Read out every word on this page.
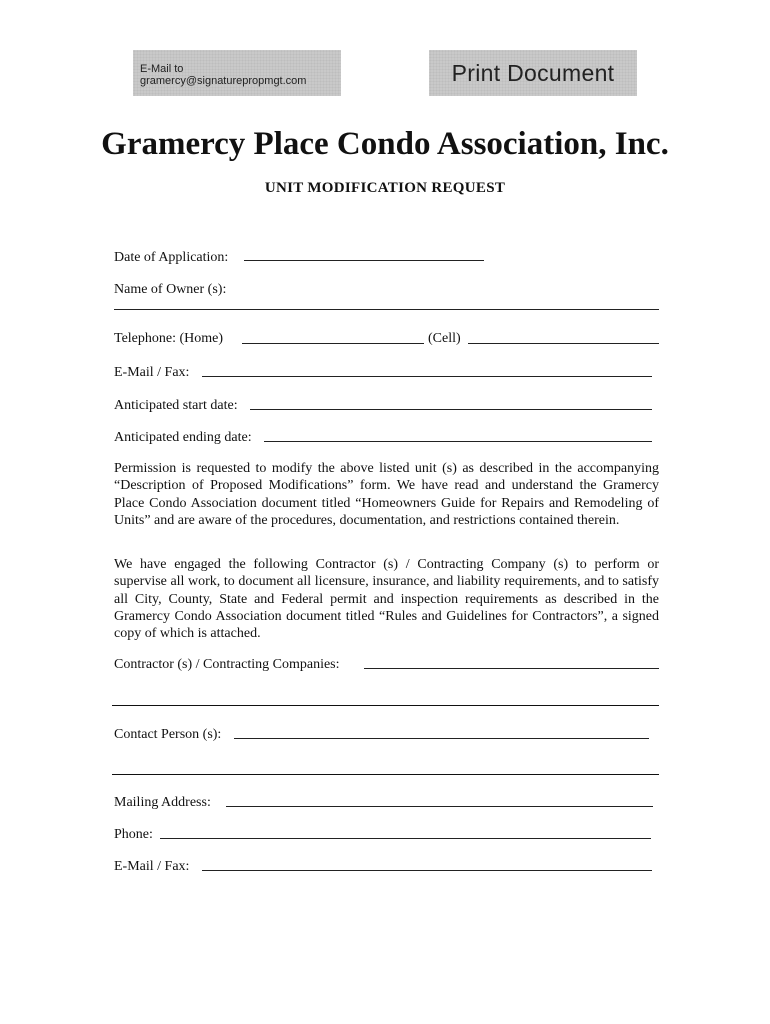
E-Mail to gramercy@signaturepropmgt.com	Print Document
Gramercy Place Condo Association, Inc.
UNIT MODIFICATION REQUEST
Date of Application:
Name of Owner (s):
Telephone: (Home)	(Cell)
E-Mail / Fax:
Anticipated start date:
Anticipated ending date:
Permission is requested to modify the above listed unit (s) as described in the accompanying “Description of Proposed Modifications” form. We have read and understand the Gramercy Place Condo Association document titled “Homeowners Guide for Repairs and Remodeling of Units” and are aware of the procedures, documentation, and restrictions contained therein.
We have engaged the following Contractor (s) / Contracting Company (s) to perform or supervise all work, to document all licensure, insurance, and liability requirements, and to satisfy all City, County, State and Federal permit and inspection requirements as described in the Gramercy Condo Association document titled “Rules and Guidelines for Contractors”, a signed copy of which is attached.
Contractor (s) / Contracting Companies:
Contact Person (s):
Mailing Address:
Phone:
E-Mail / Fax:
